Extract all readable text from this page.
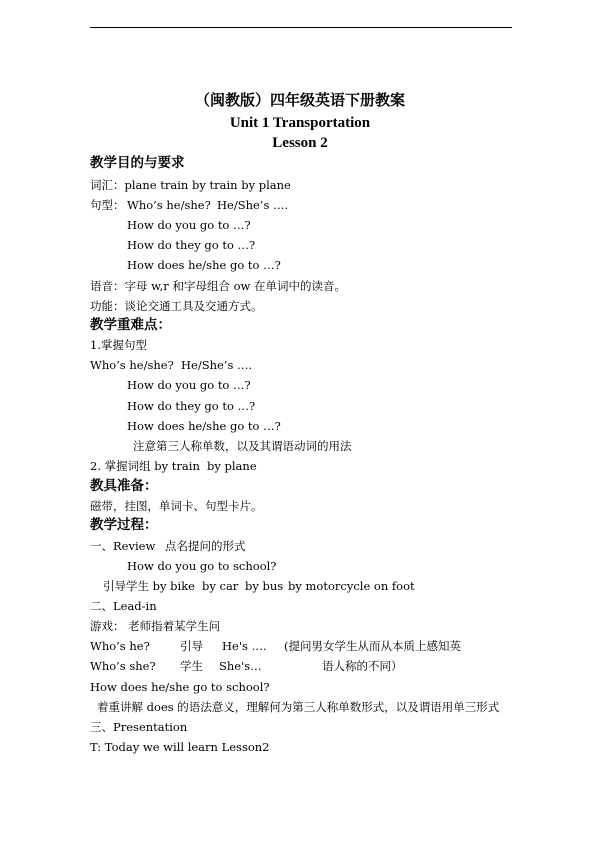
（闽教版）四年级英语下册教案
Unit 1 Transportation
Lesson 2
教学目的与要求
词汇：plane train by train by plane
句型： Who’s he/she? He/She’s ….
How do you go to …?
How do they go to …?
How does he/she go to …?
语音：字母 w,r 和字母组合 ow 在单词中的读音。
功能：谈论交通工具及交通方式。
教学重难点：
1.掌握句型
Who’s he/she? He/She’s ….
How do you go to …?
How do they go to …?
How does he/she go to …?
注意第三人称单数，以及其谓语动词的用法
2. 掌握词组 by train by plane
教具准备：
磁带，挂图，单词卡、句型卡片。
教学过程：
一、Review 点名提问的形式
How do you go to school?
引导学生 by bike by car by bus by motorcycle on foot
二、Lead-in
游戏： 老师指着某学生问
Who’s he?	引导 He's …. (提问男女学生从而从本质上感知英
Who’s she? 学生 She's…	语人称的不同）
How does he/she go to school?
着重讲解 does 的语法意义，理解何为第三人称单数形式，以及谓语用单三形式
三、Presentation
T: Today we will learn Lesson2
